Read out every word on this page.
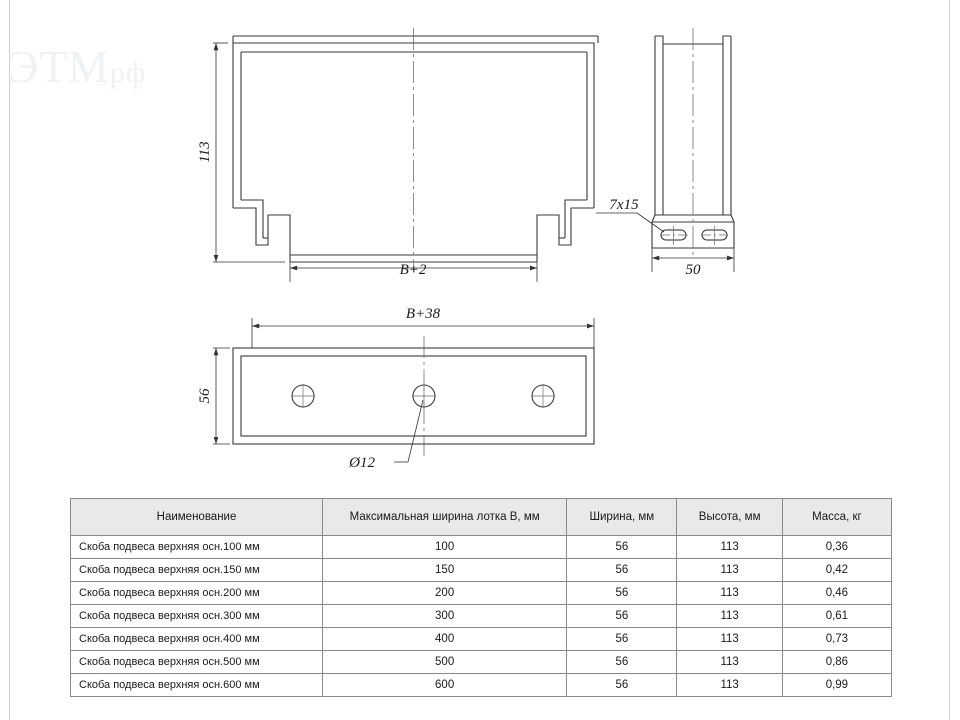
ЭТМрф
113
B+2
7x15
50
B+38
56
Ø12
Наименование	Максимальная ширина лотка B, мм	Ширина, мм	Высота, мм	Масса, кг
Скоба подвеса верхняя осн.100 мм	100	56	113	0,36
Скоба подвеса верхняя осн.150 мм	150	56	113	0,42
Скоба подвеса верхняя осн.200 мм	200	56	113	0,46
Скоба подвеса верхняя осн.300 мм	300	56	113	0,61
Скоба подвеса верхняя осн.400 мм	400	56	113	0,73
Скоба подвеса верхняя осн.500 мм	500	56	113	0,86
Скоба подвеса верхняя осн.600 мм	600	56	113	0,99
